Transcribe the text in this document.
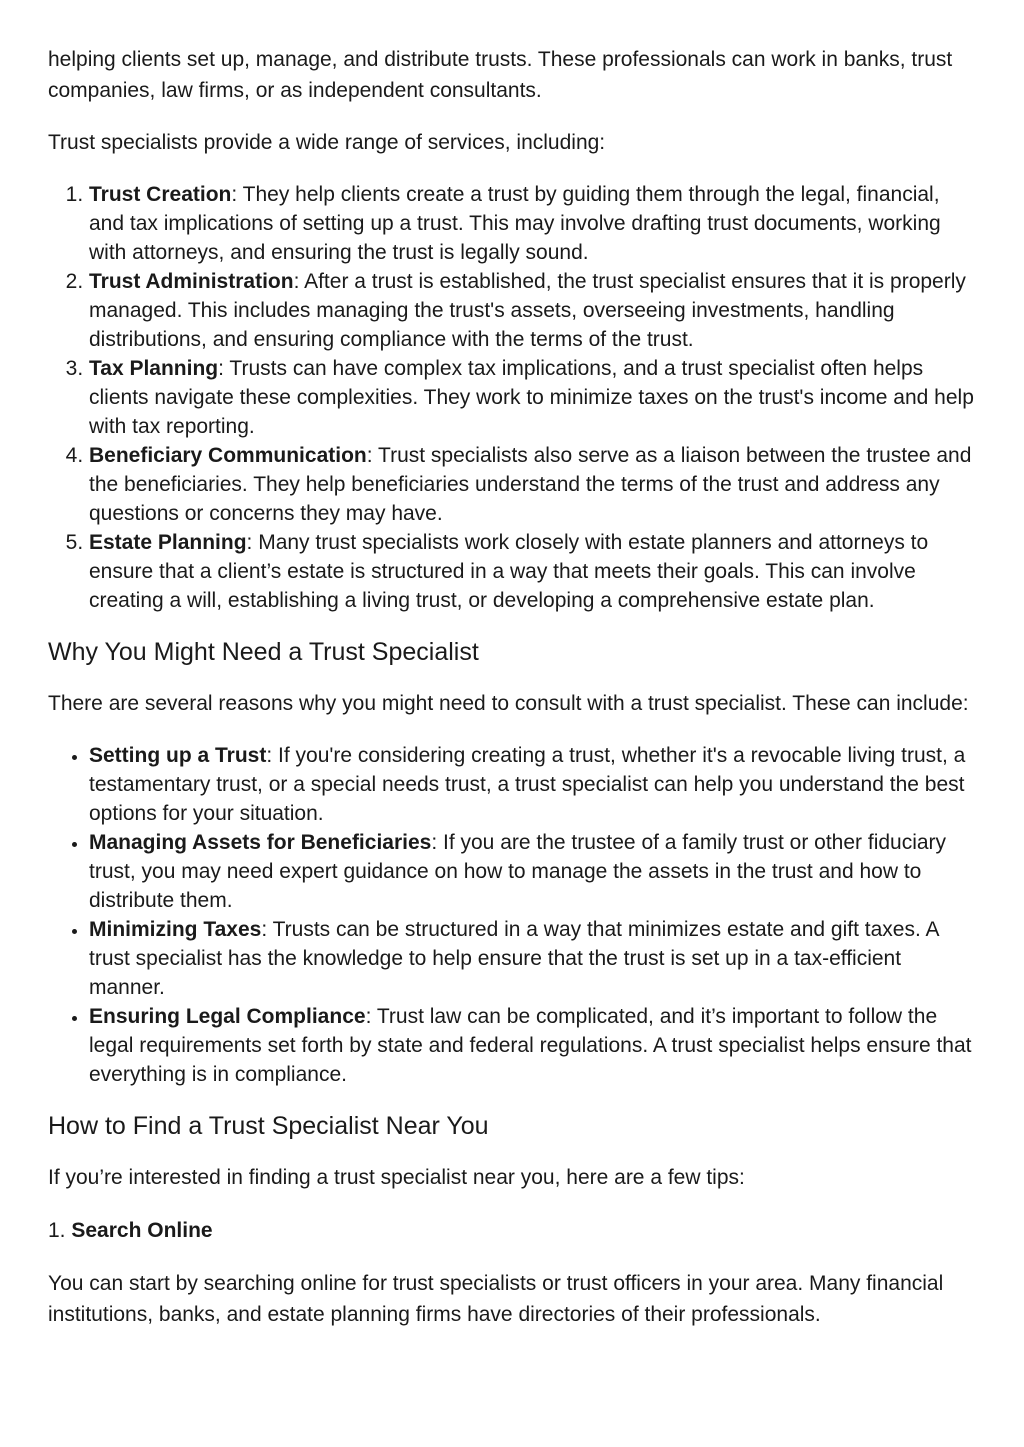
helping clients set up, manage, and distribute trusts. These professionals can work in banks, trust companies, law firms, or as independent consultants.

Trust specialists provide a wide range of services, including:

1. Trust Creation: They help clients create a trust by guiding them through the legal, financial, and tax implications of setting up a trust. This may involve drafting trust documents, working with attorneys, and ensuring the trust is legally sound.
2. Trust Administration: After a trust is established, the trust specialist ensures that it is properly managed. This includes managing the trust's assets, overseeing investments, handling distributions, and ensuring compliance with the terms of the trust.
3. Tax Planning: Trusts can have complex tax implications, and a trust specialist often helps clients navigate these complexities. They work to minimize taxes on the trust's income and help with tax reporting.
4. Beneficiary Communication: Trust specialists also serve as a liaison between the trustee and the beneficiaries. They help beneficiaries understand the terms of the trust and address any questions or concerns they may have.
5. Estate Planning: Many trust specialists work closely with estate planners and attorneys to ensure that a client’s estate is structured in a way that meets their goals. This can involve creating a will, establishing a living trust, or developing a comprehensive estate plan.
Why You Might Need a Trust Specialist

There are several reasons why you might need to consult with a trust specialist. These can include:

• Setting up a Trust: If you're considering creating a trust, whether it's a revocable living trust, a testamentary trust, or a special needs trust, a trust specialist can help you understand the best options for your situation.
• Managing Assets for Beneficiaries: If you are the trustee of a family trust or other fiduciary trust, you may need expert guidance on how to manage the assets in the trust and how to distribute them.
• Minimizing Taxes: Trusts can be structured in a way that minimizes estate and gift taxes. A trust specialist has the knowledge to help ensure that the trust is set up in a tax-efficient manner.
• Ensuring Legal Compliance: Trust law can be complicated, and it’s important to follow the legal requirements set forth by state and federal regulations. A trust specialist helps ensure that everything is in compliance.
How to Find a Trust Specialist Near You

If you’re interested in finding a trust specialist near you, here are a few tips:

1. Search Online

You can start by searching online for trust specialists or trust officers in your area. Many financial institutions, banks, and estate planning firms have directories of their professionals.
